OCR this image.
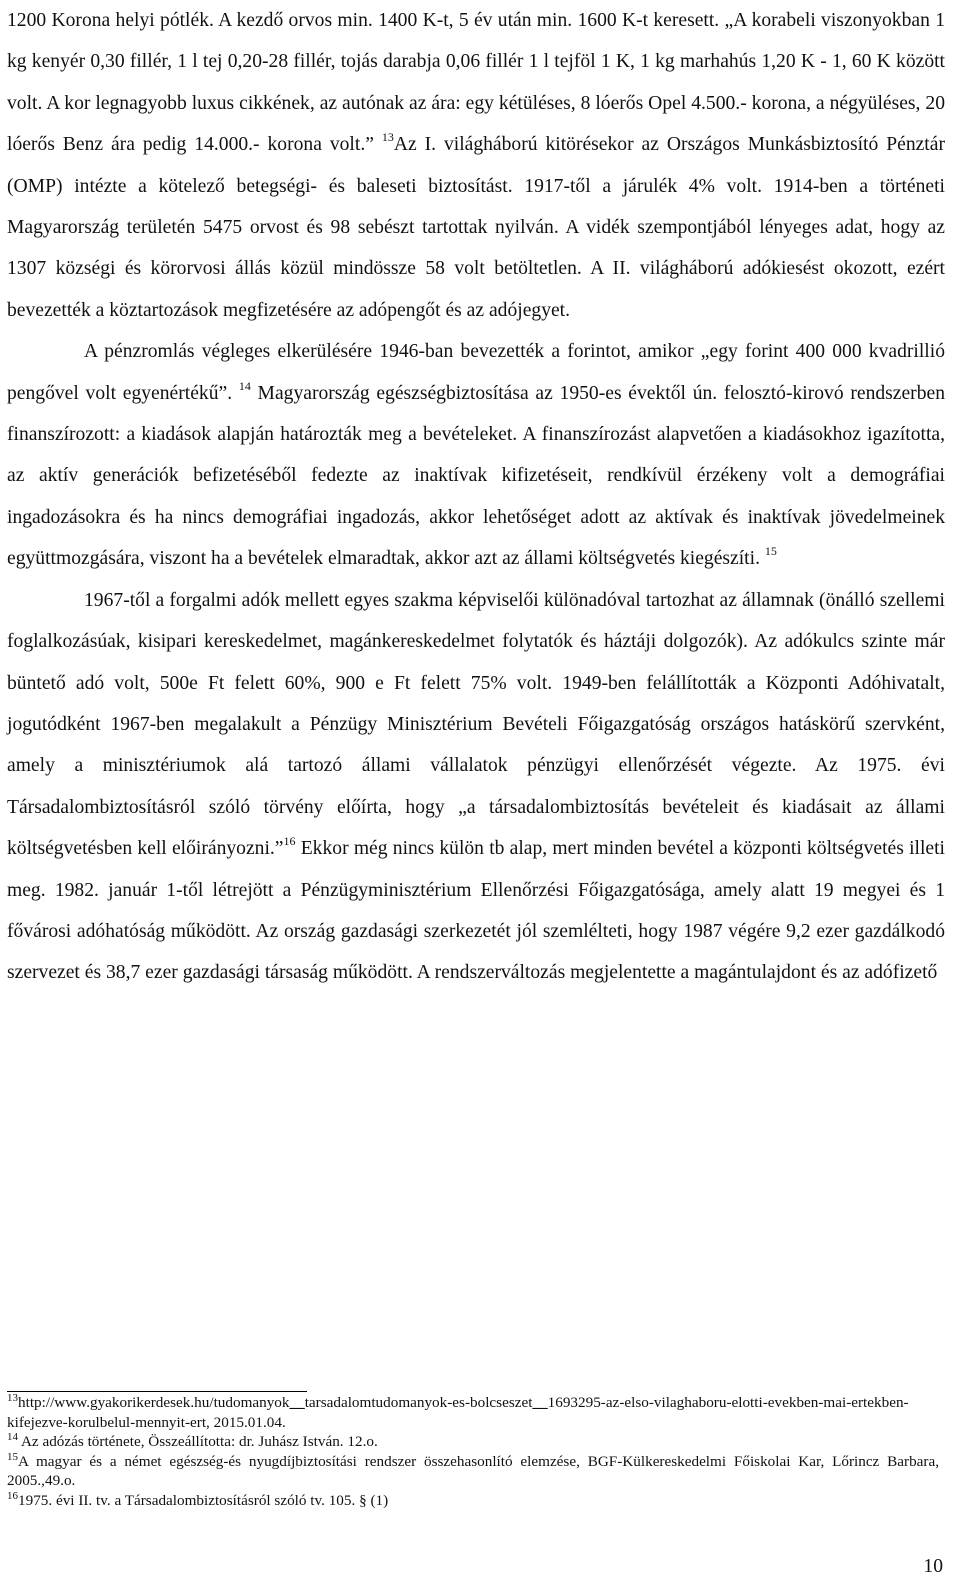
1200 Korona helyi pótlék. A kezdő orvos min. 1400 K-t, 5 év után min. 1600 K-t keresett. „A korabeli viszonyokban 1 kg kenyér 0,30 fillér, 1 l tej 0,20-28 fillér, tojás darabja 0,06 fillér 1 l tejföl 1 K, 1 kg marhahús 1,20 K - 1, 60 K között volt. A kor legnagyobb luxus cikkének, az autónak az ára: egy kétüléses, 8 lóerős Opel 4.500.- korona, a négyüléses, 20 lóerős Benz ára pedig 14.000.- korona volt.” $^{13}$Az I. világháború kitörésekor az Országos Munkásbiztosító Pénztár (OMP) intézte a kötelező betegségi- és baleseti biztosítást. 1917-től a járulék 4% volt. 1914-ben a történeti Magyarország területén 5475 orvost és 98 sebészt tartottak nyilván. A vidék szempontjából lényeges adat, hogy az 1307 községi és körorvosi állás közül mindössze 58 volt betöltetlen. A II. világháború adókiesést okozott, ezért bevezették a köztartozások megfizetésére az adópengőt és az adójegyet.

A pénzromlás végleges elkerülésére 1946-ban bevezették a forintot, amikor „egy forint 400 000 kvadrillió pengővel volt egyenértékű”. $^{14}$ Magyarország egészségbiztosítása az 1950-es évektől ún. felosztó-kirovó rendszerben finanszírozott: a kiadások alapján határozták meg a bevételeket. A finanszírozást alapvetően a kiadásokhoz igazította, az aktív generációk befizetéséből fedezte az inaktívak kifizetéseit, rendkívül érzékeny volt a demográfiai ingadozásokra és ha nincs demográfiai ingadozás, akkor lehetőséget adott az aktívak és inaktívak jövedelmeinek együttmozgására, viszont ha a bevételek elmaradtak, akkor azt az állami költségvetés kiegészíti. $^{15}$

1967-től a forgalmi adók mellett egyes szakma képviselői különadóval tartozhat az államnak (önálló szellemi foglalkozásúak, kisipari kereskedelmet, magánkereskedelmet folytatók és háztáji dolgozók). Az adókulcs szinte már büntető adó volt, 500e Ft felett 60%, 900 e Ft felett 75% volt. 1949-ben felállították a Központi Adóhivatalt, jogutódként 1967-ben megalakult a Pénzügy Minisztérium Bevételi Főigazgatóság országos hatáskörű szervként, amely a minisztériumok alá tartozó állami vállalatok pénzügyi ellenőrzését végezte. Az 1975. évi Társadalombiztosításról szóló törvény előírta, hogy „a társadalombiztosítás bevételeit és kiadásait az állami költségvetésben kell előirányozni.”$^{16}$ Ekkor még nincs külön tb alap, mert minden bevétel a központi költségvetés illeti meg. 1982. január 1-től létrejött a Pénzügyminisztérium Ellenőrzési Főigazgatósága, amely alatt 19 megyei és 1 fővárosi adóhatóság működött. Az ország gazdasági szerkezetét jól szemlélteti, hogy 1987 végére 9,2 ezer gazdálkodó szervezet és 38,7 ezer gazdasági társaság működött. A rendszerváltozás megjelentette a magántulajdont és az adófizető

$^{13}$http://www.gyakorikerdesek.hu/tudomanyok__tarsadalomtudomanyok-es-bolcseszet__1693295-az-elso-vilaghaboru-elotti-evekben-mai-ertekben-kifejezve-korulbelul-mennyit-ert, 2015.01.04.

$^{14}$ Az adózás története, Összeállította: dr. Juhász István. 12.o.

$^{15}$A magyar és a német egészség-és nyugdíjbiztosítási rendszer összehasonlító elemzése, BGF-Külkereskedelmi Főiskolai Kar, Lőrincz Barbara, 2005.,49.o.

$^{16}$1975. évi II. tv. a Társadalombiztosításról szóló tv. 105. § (1)

10
